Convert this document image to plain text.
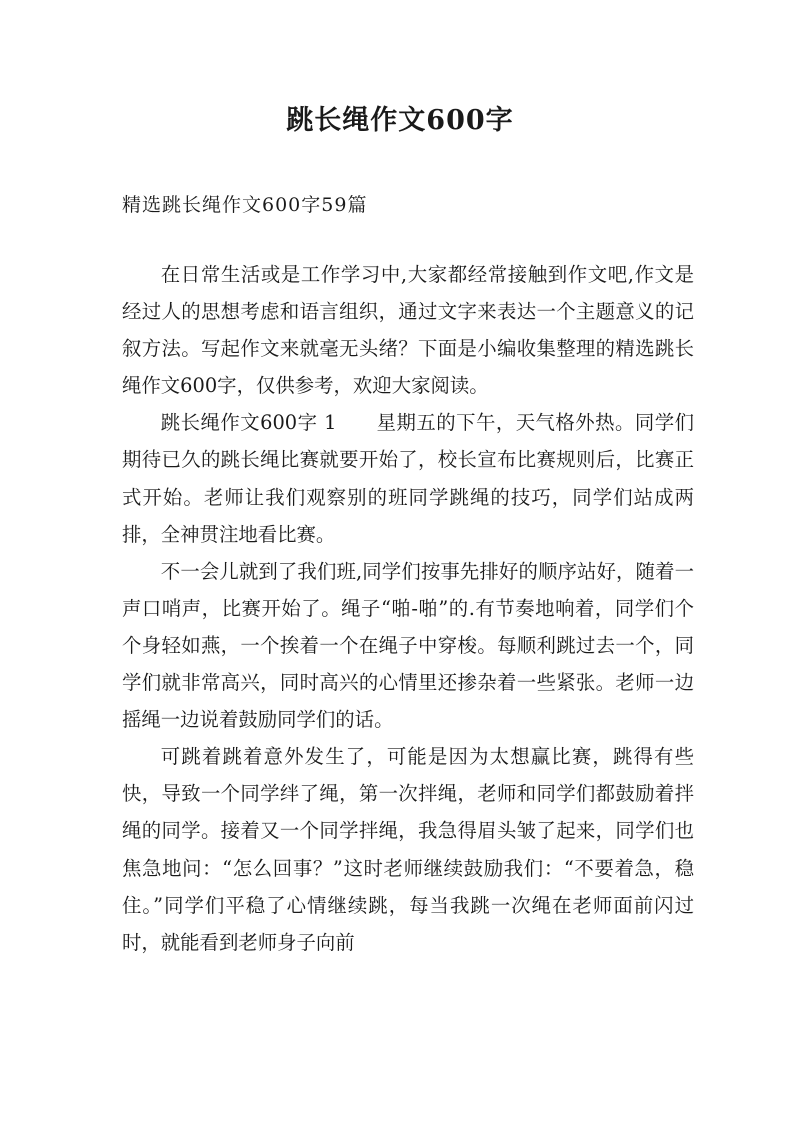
跳长绳作文600字
精选跳长绳作文600字59篇

在日常生活或是工作学习中,大家都经常接触到作文吧,作文是经过人的思想考虑和语言组织，通过文字来表达一个主题意义的记叙方法。写起作文来就毫无头绪？下面是小编收集整理的精选跳长绳作文600字，仅供参考，欢迎大家阅读。

跳长绳作文600字 1　　星期五的下午，天气格外热。同学们期待已久的跳长绳比赛就要开始了，校长宣布比赛规则后，比赛正式开始。老师让我们观察别的班同学跳绳的技巧，同学们站成两排，全神贯注地看比赛。

不一会儿就到了我们班,同学们按事先排好的顺序站好，随着一声口哨声，比赛开始了。绳子“啪-啪”的.有节奏地响着，同学们个个身轻如燕，一个挨着一个在绳子中穿梭。每顺利跳过去一个，同学们就非常高兴，同时高兴的心情里还掺杂着一些紧张。老师一边摇绳一边说着鼓励同学们的话。

可跳着跳着意外发生了，可能是因为太想赢比赛，跳得有些快，导致一个同学绊了绳，第一次拌绳，老师和同学们都鼓励着拌绳的同学。接着又一个同学拌绳，我急得眉头皱了起来，同学们也焦急地问：“怎么回事？”这时老师继续鼓励我们：“不要着急，稳住。”同学们平稳了心情继续跳，每当我跳一次绳在老师面前闪过时，就能看到老师身子向前
